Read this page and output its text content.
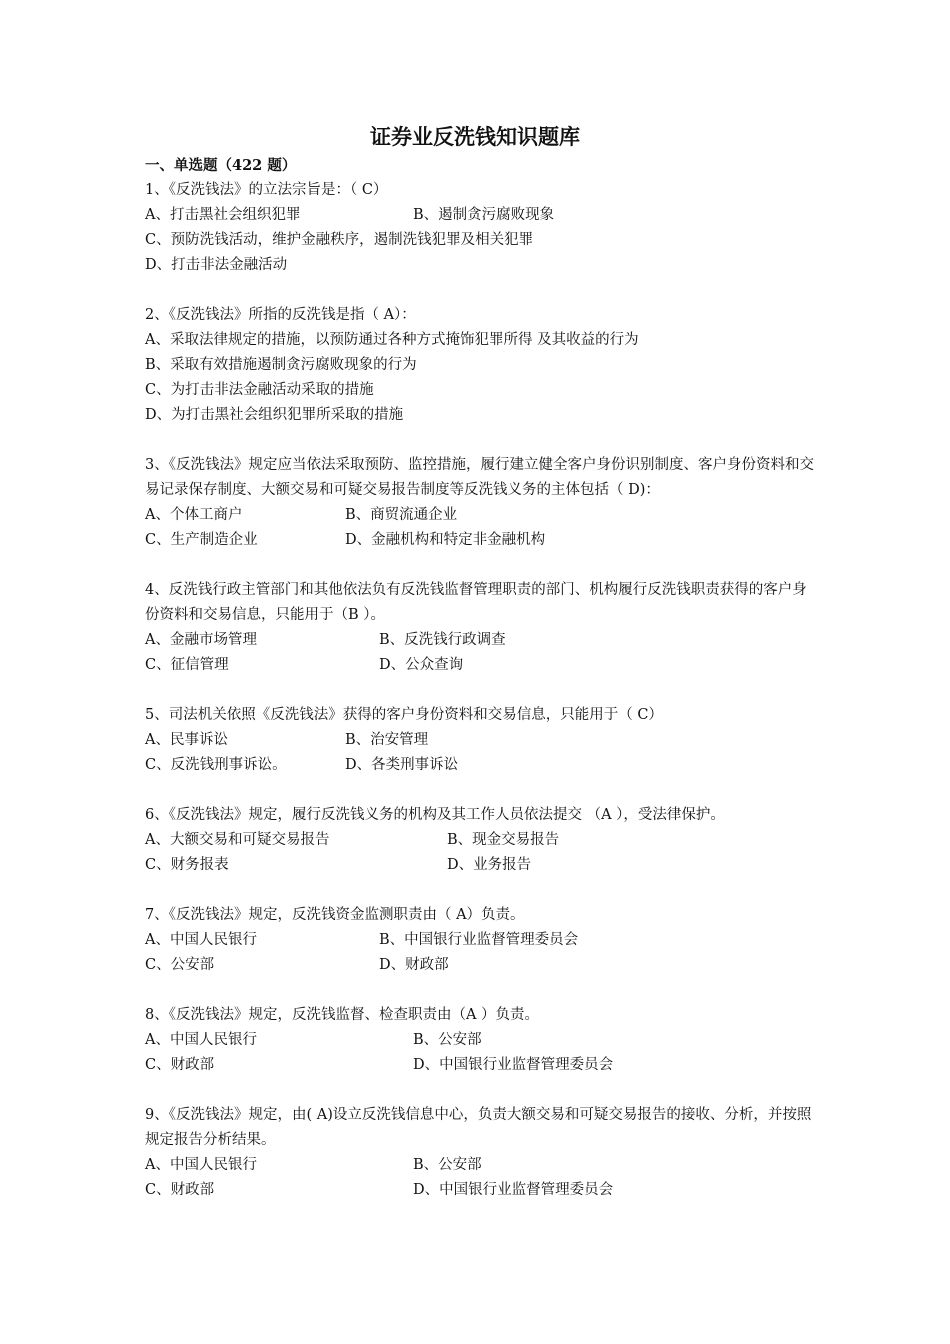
证券业反洗钱知识题库
一、单选题（422 题）
1、《反洗钱法》的立法宗旨是：（ C）
A、打击黑社会组织犯罪	B、遏制贪污腐败现象
C、预防洗钱活动，维护金融秩序，遏制洗钱犯罪及相关犯罪
D、打击非法金融活动
2、《反洗钱法》所指的反洗钱是指（ A）：
A、采取法律规定的措施，以预防通过各种方式掩饰犯罪所得 及其收益的行为
B、采取有效措施遏制贪污腐败现象的行为
C、为打击非法金融活动采取的措施
D、为打击黑社会组织犯罪所采取的措施
3、《反洗钱法》规定应当依法采取预防、监控措施，履行建立健全客户身份识别制度、客户身份资料和交易记录保存制度、大额交易和可疑交易报告制度等反洗钱义务的主体包括（ D)：
A、个体工商户	B、商贸流通企业
C、生产制造企业	D、金融机构和特定非金融机构
4、反洗钱行政主管部门和其他依法负有反洗钱监督管理职责的部门、机构履行反洗钱职责获得的客户身份资料和交易信息，只能用于（B ）。
A、金融市场管理	B、反洗钱行政调查
C、征信管理	D、公众查询
5、司法机关依照《反洗钱法》获得的客户身份资料和交易信息，只能用于（ C）
A、民事诉讼	B、治安管理
C、反洗钱刑事诉讼。	D、各类刑事诉讼
6、《反洗钱法》规定，履行反洗钱义务的机构及其工作人员依法提交 （A ），受法律保护。
A、大额交易和可疑交易报告	B、现金交易报告
C、财务报表	D、业务报告
7、《反洗钱法》规定，反洗钱资金监测职责由（ A）负责。
A、中国人民银行	B、中国银行业监督管理委员会
C、公安部	D、财政部
8、《反洗钱法》规定，反洗钱监督、检查职责由（A ）负责。
A、中国人民银行	B、公安部
C、财政部	D、中国银行业监督管理委员会
9、《反洗钱法》规定，由( A)设立反洗钱信息中心，负责大额交易和可疑交易报告的接收、分析，并按照规定报告分析结果。
A、中国人民银行	B、公安部
C、财政部	D、中国银行业监督管理委员会
